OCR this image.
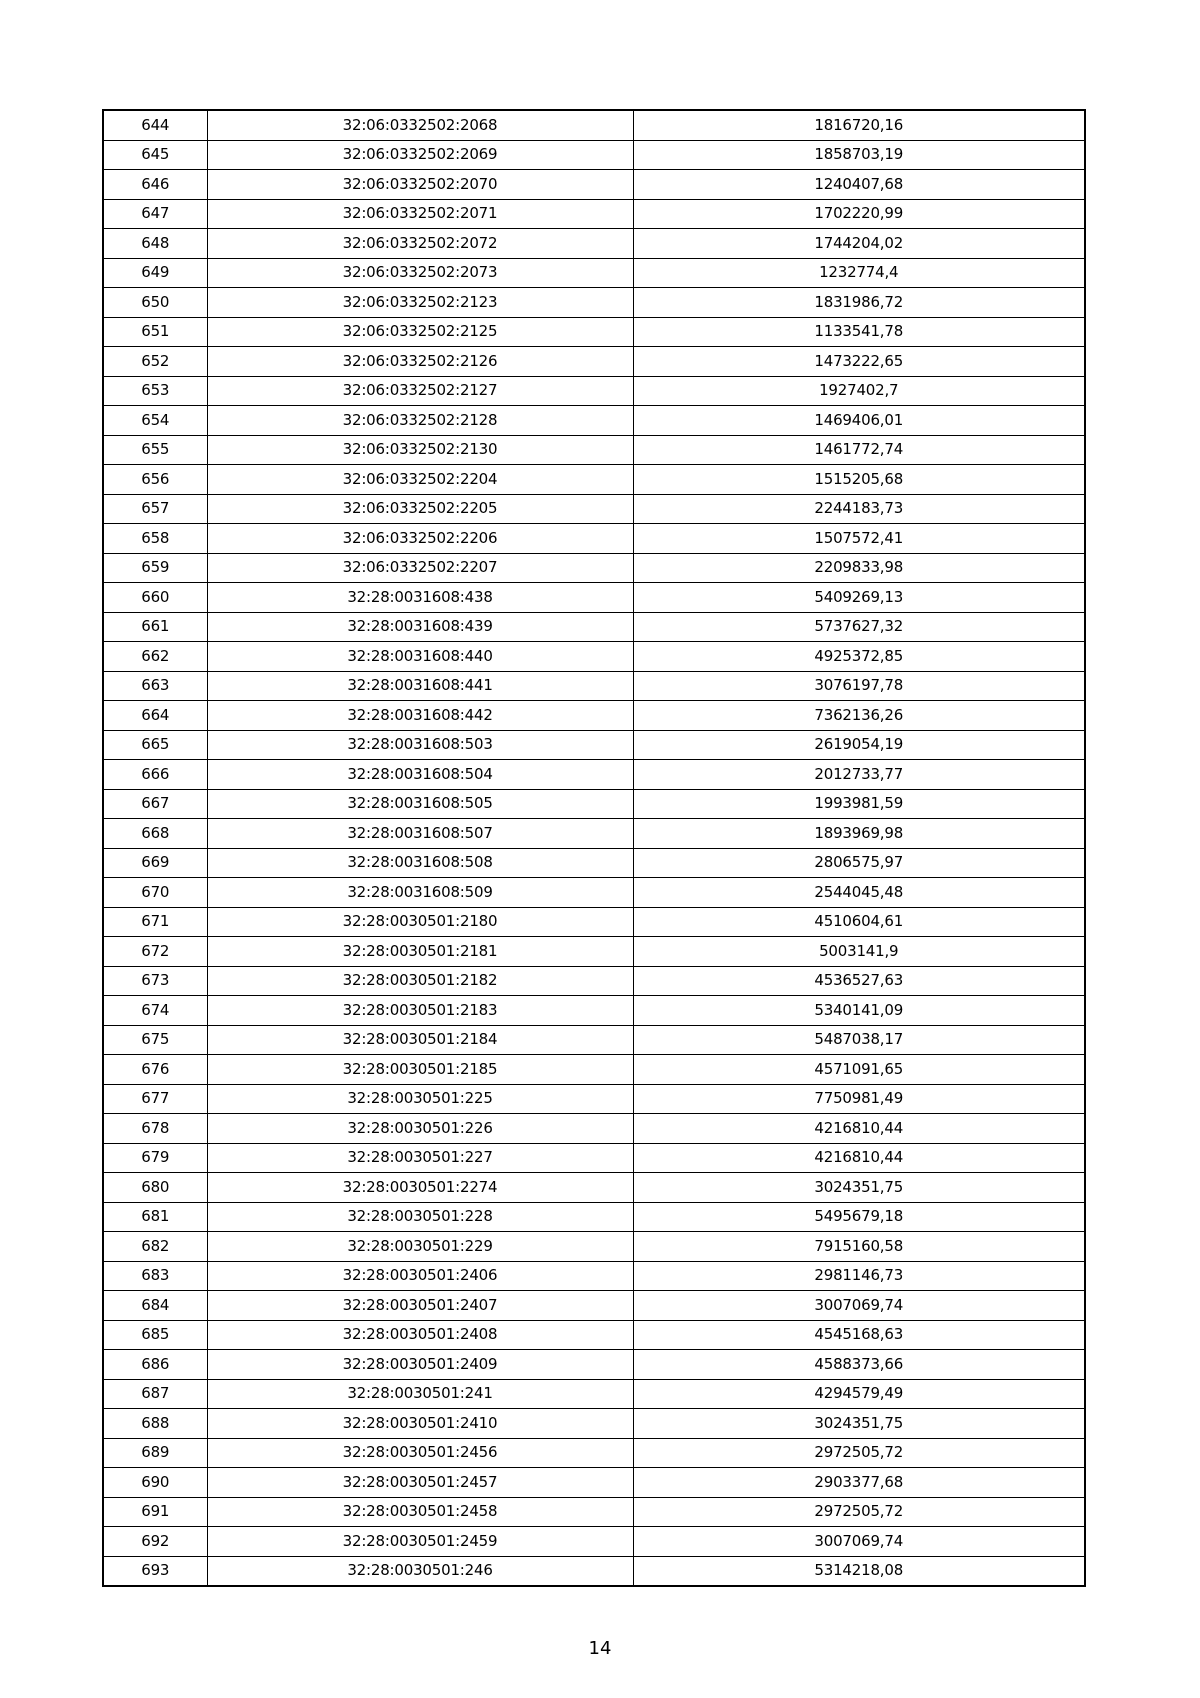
644	32:06:0332502:2068	1816720,16
645	32:06:0332502:2069	1858703,19
646	32:06:0332502:2070	1240407,68
647	32:06:0332502:2071	1702220,99
648	32:06:0332502:2072	1744204,02
649	32:06:0332502:2073	1232774,4
650	32:06:0332502:2123	1831986,72
651	32:06:0332502:2125	1133541,78
652	32:06:0332502:2126	1473222,65
653	32:06:0332502:2127	1927402,7
654	32:06:0332502:2128	1469406,01
655	32:06:0332502:2130	1461772,74
656	32:06:0332502:2204	1515205,68
657	32:06:0332502:2205	2244183,73
658	32:06:0332502:2206	1507572,41
659	32:06:0332502:2207	2209833,98
660	32:28:0031608:438	5409269,13
661	32:28:0031608:439	5737627,32
662	32:28:0031608:440	4925372,85
663	32:28:0031608:441	3076197,78
664	32:28:0031608:442	7362136,26
665	32:28:0031608:503	2619054,19
666	32:28:0031608:504	2012733,77
667	32:28:0031608:505	1993981,59
668	32:28:0031608:507	1893969,98
669	32:28:0031608:508	2806575,97
670	32:28:0031608:509	2544045,48
671	32:28:0030501:2180	4510604,61
672	32:28:0030501:2181	5003141,9
673	32:28:0030501:2182	4536527,63
674	32:28:0030501:2183	5340141,09
675	32:28:0030501:2184	5487038,17
676	32:28:0030501:2185	4571091,65
677	32:28:0030501:225	7750981,49
678	32:28:0030501:226	4216810,44
679	32:28:0030501:227	4216810,44
680	32:28:0030501:2274	3024351,75
681	32:28:0030501:228	5495679,18
682	32:28:0030501:229	7915160,58
683	32:28:0030501:2406	2981146,73
684	32:28:0030501:2407	3007069,74
685	32:28:0030501:2408	4545168,63
686	32:28:0030501:2409	4588373,66
687	32:28:0030501:241	4294579,49
688	32:28:0030501:2410	3024351,75
689	32:28:0030501:2456	2972505,72
690	32:28:0030501:2457	2903377,68
691	32:28:0030501:2458	2972505,72
692	32:28:0030501:2459	3007069,74
693	32:28:0030501:246	5314218,08
14
